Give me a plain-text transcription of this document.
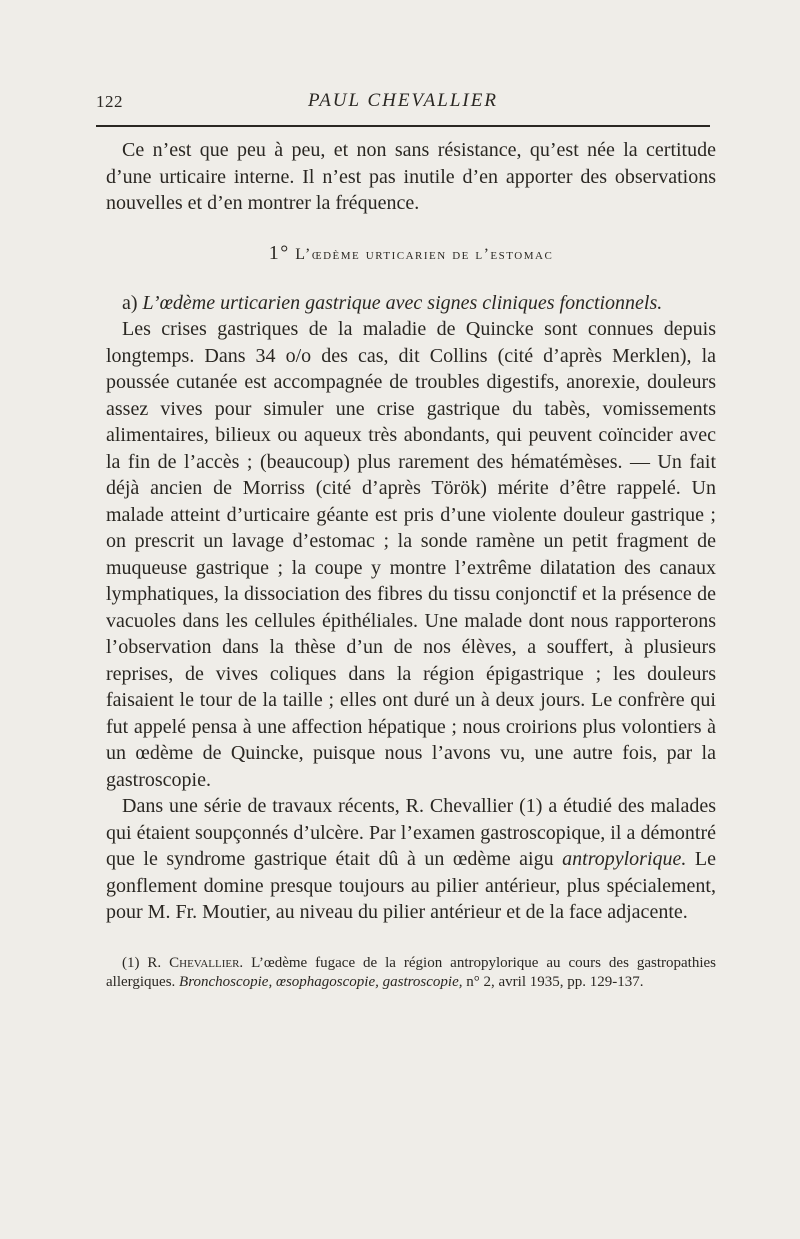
122	PAUL CHEVALLIER

Ce n’est que peu à peu, et non sans résistance, qu’est née la certitude d’une urticaire interne. Il n’est pas inutile d’en apporter des observations nouvelles et d’en montrer la fréquence.

1° L’œdème urticarien de l’estomac

a) L’œdème urticarien gastrique avec signes cliniques fonctionnels.

Les crises gastriques de la maladie de Quincke sont connues depuis longtemps. Dans 34 o/o des cas, dit Collins (cité d’après Merklen), la poussée cutanée est accompagnée de troubles digestifs, anorexie, douleurs assez vives pour simuler une crise gastrique du tabès, vomissements alimentaires, bilieux ou aqueux très abondants, qui peuvent coïncider avec la fin de l’accès ; (beaucoup) plus rarement des hématémèses. — Un fait déjà ancien de Morriss (cité d’après Török) mérite d’être rappelé. Un malade atteint d’urticaire géante est pris d’une violente douleur gastrique ; on prescrit un lavage d’estomac ; la sonde ramène un petit fragment de muqueuse gastrique ; la coupe y montre l’extrême dilatation des canaux lymphatiques, la dissociation des fibres du tissu conjonctif et la présence de vacuoles dans les cellules épithéliales. Une malade dont nous rapporterons l’observation dans la thèse d’un de nos élèves, a souffert, à plusieurs reprises, de vives coliques dans la région épigastrique ; les douleurs faisaient le tour de la taille ; elles ont duré un à deux jours. Le confrère qui fut appelé pensa à une affection hépatique ; nous croirions plus volontiers à un œdème de Quincke, puisque nous l’avons vu, une autre fois, par la gastroscopie.

Dans une série de travaux récents, R. Chevallier (1) a étudié des malades qui étaient soupçonnés d’ulcère. Par l’examen gastroscopique, il a démontré que le syndrome gastrique était dû à un œdème aigu antropylorique. Le gonflement domine presque toujours au pilier antérieur, plus spécialement, pour M. Fr. Moutier, au niveau du pilier antérieur et de la face adjacente.

(1) R. Chevallier. L’œdème fugace de la région antropylorique au cours des gastropathies allergiques. Bronchoscopie, œsophagoscopie, gastroscopie, n° 2, avril 1935, pp. 129-137.
